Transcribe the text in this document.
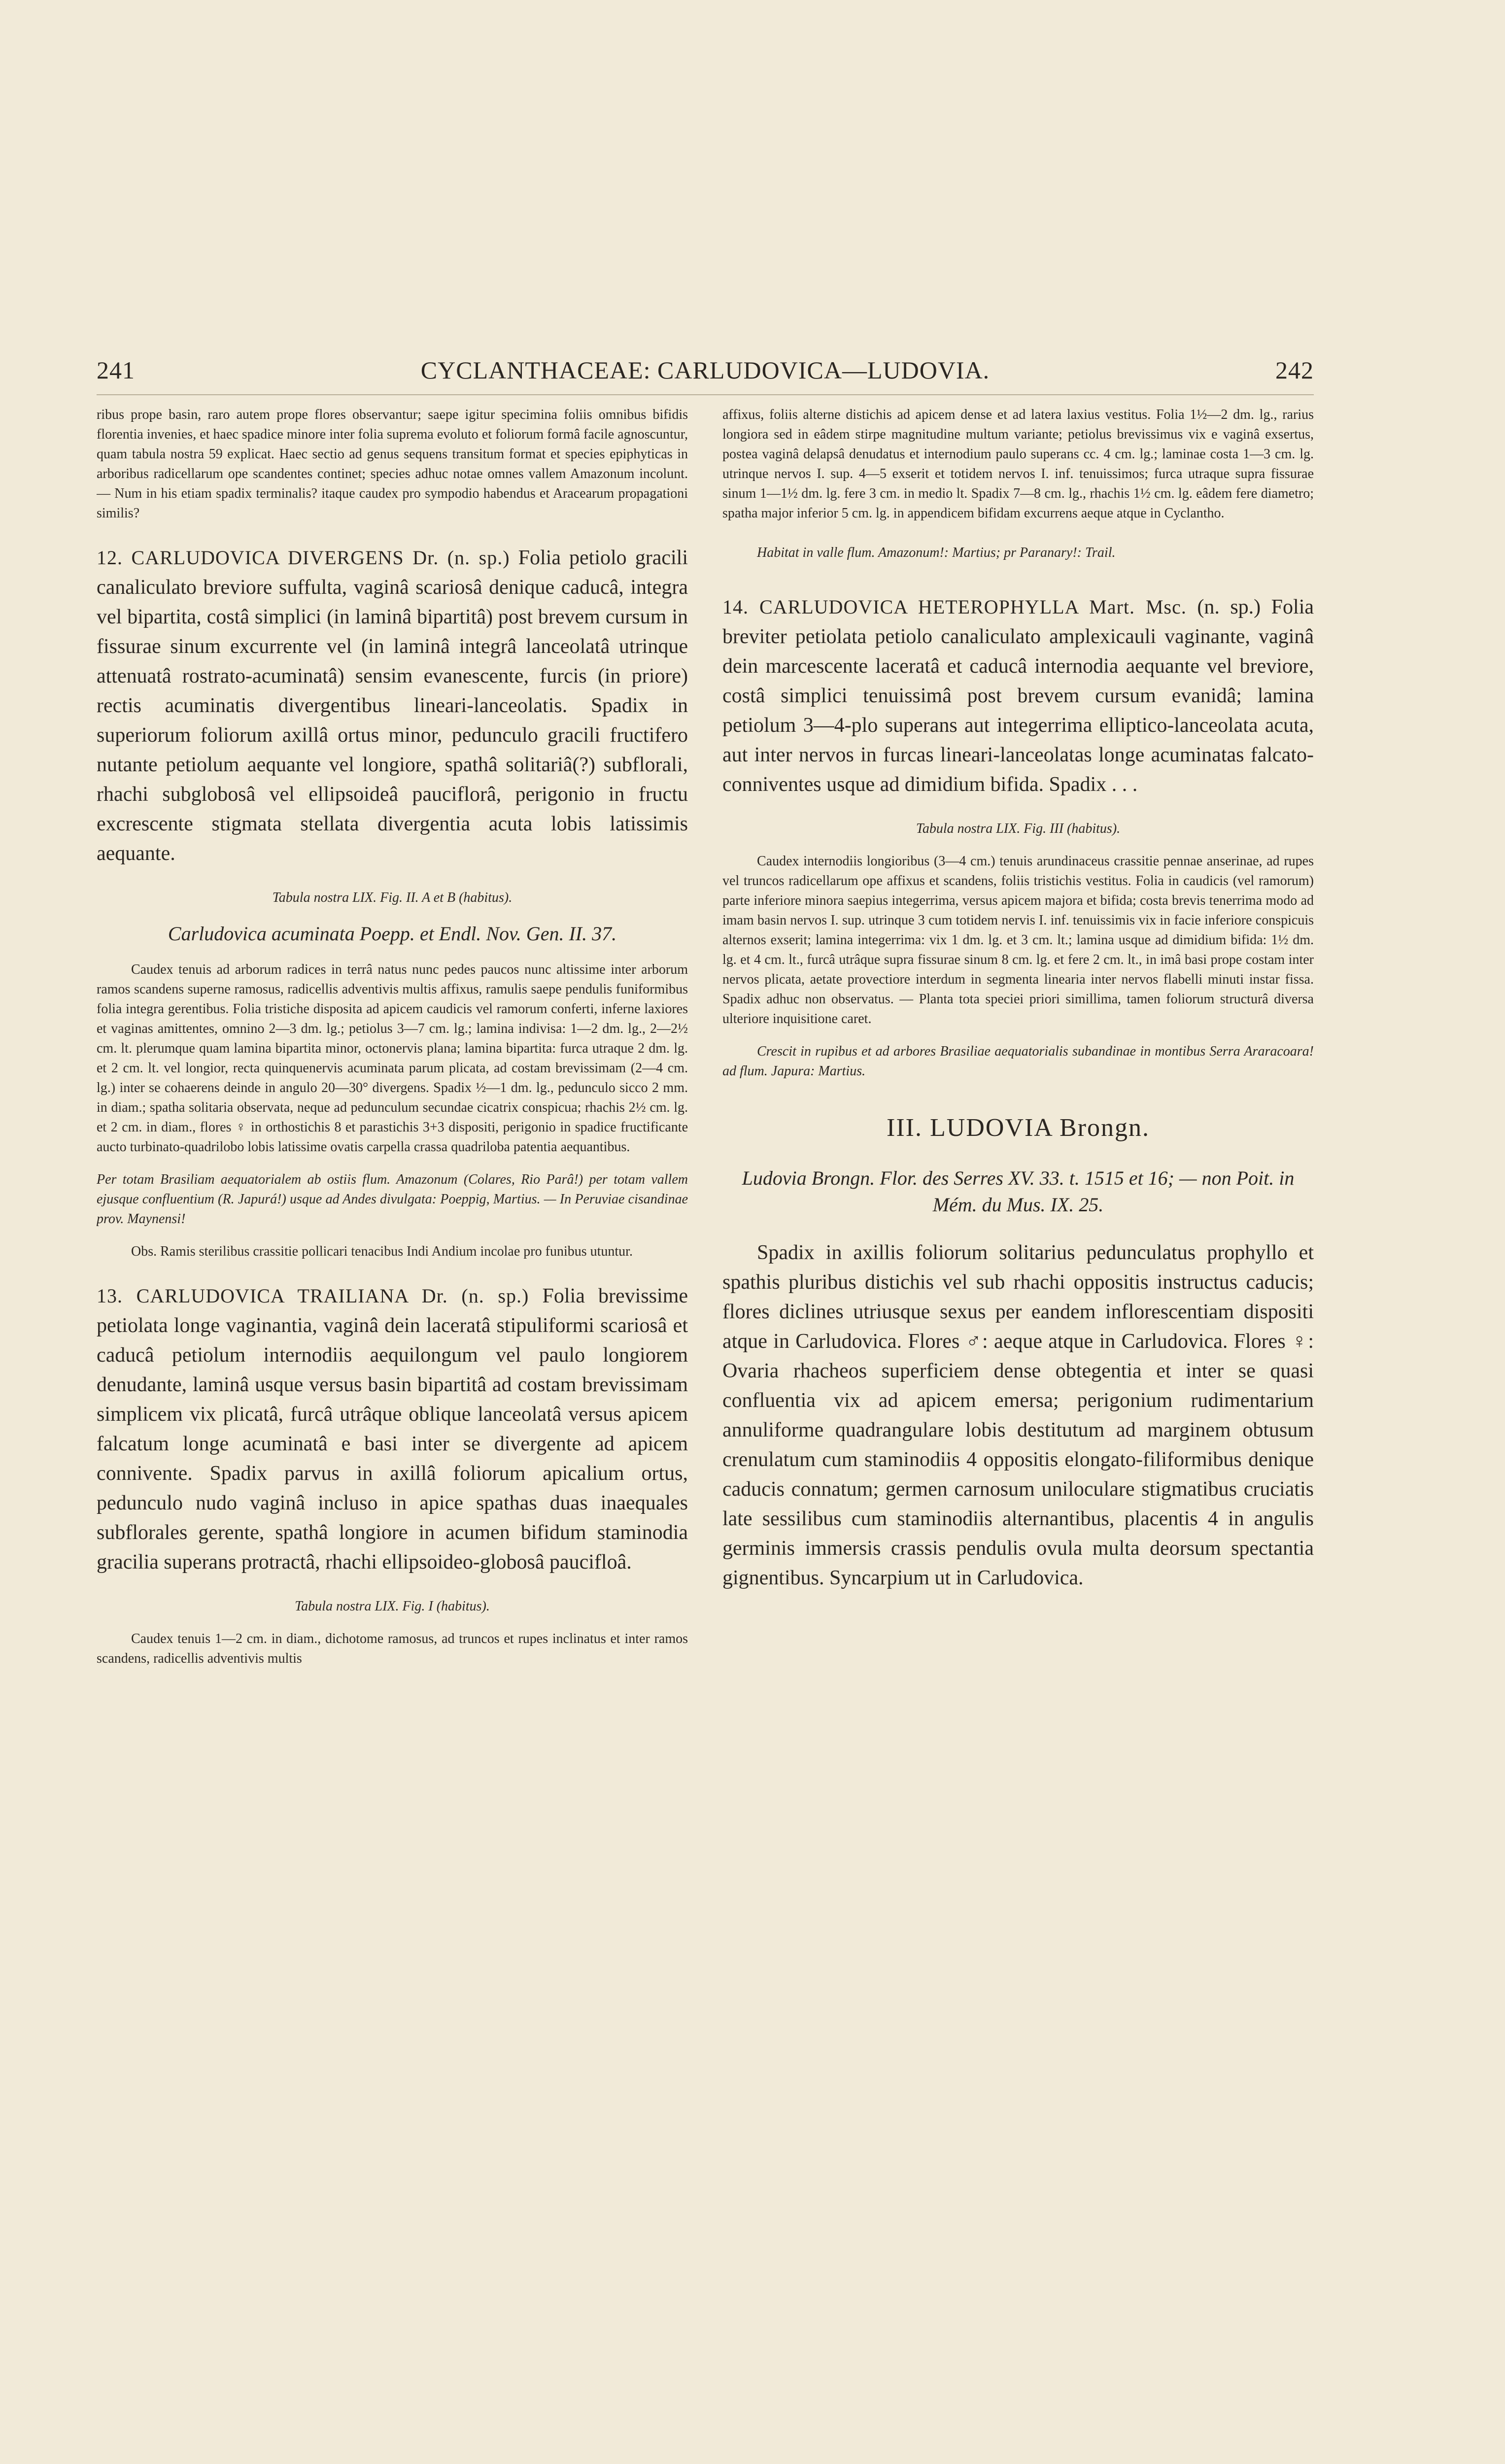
241	CYCLANTHACEAE: CARLUDOVICA—LUDOVIA.	242

ribus prope basin, raro autem prope flores observantur; saepe igitur specimina foliis omnibus bifidis florentia invenies, et haec spadice minore inter folia suprema evoluto et foliorum formâ facile agnoscuntur, quam tabula nostra 59 explicat. Haec sectio ad genus sequens transitum format et species epiphyticas in arboribus radicellarum ope scandentes continet; species adhuc notae omnes vallem Amazonum incolunt. — Num in his etiam spadix terminalis? itaque caudex pro sympodio habendus et Aracearum propagationi similis?

12. CARLUDOVICA DIVERGENS Dr. (n. sp.) Folia petiolo gracili canaliculato breviore suffulta, vaginâ scariosâ denique caducâ, integra vel bipartita, costâ simplici (in laminâ bipartitâ) post brevem cursum in fissurae sinum excurrente vel (in laminâ integrâ lanceolatâ utrinque attenuatâ rostrato-acuminatâ) sensim evanescente, furcis (in priore) rectis acuminatis divergentibus lineari-lanceolatis. Spadix in superiorum foliorum axillâ ortus minor, pedunculo gracili fructifero nutante petiolum aequante vel longiore, spathâ solitariâ(?) subflorali, rhachi subglobosâ vel ellipsoideâ pauciflorâ, perigonio in fructu excrescente stigmata stellata divergentia acuta lobis latissimis aequante.

Tabula nostra LIX. Fig. II. A et B (habitus).

Carludovica acuminata Poepp. et Endl. Nov. Gen. II. 37.

Caudex tenuis ad arborum radices in terrâ natus nunc pedes paucos nunc altissime inter arborum ramos scandens superne ramosus, radicellis adventivis multis affixus, ramulis saepe pendulis funiformibus folia integra gerentibus. Folia tristiche disposita ad apicem caudicis vel ramorum conferti, inferne laxiores et vaginas amittentes, omnino 2—3 dm. lg.; petiolus 3—7 cm. lg.; lamina indivisa: 1—2 dm. lg., 2—2½ cm. lt. plerumque quam lamina bipartita minor, octonervis plana; lamina bipartita: furca utraque 2 dm. lg. et 2 cm. lt. vel longior, recta quinquenervis acuminata parum plicata, ad costam brevissimam (2—4 cm. lg.) inter se cohaerens deinde in angulo 20—30° divergens. Spadix ½—1 dm. lg., pedunculo sicco 2 mm. in diam.; spatha solitaria observata, neque ad pedunculum secundae cicatrix conspicua; rhachis 2½ cm. lg. et 2 cm. in diam., flores ♀ in orthostichis 8 et parastichis 3+3 dispositi, perigonio in spadice fructificante aucto turbinato-quadrilobo lobis latissime ovatis carpella crassa quadriloba patentia aequantibus.

Per totam Brasiliam aequatorialem ab ostiis flum. Amazonum (Colares, Rio Parâ!) per totam vallem ejusque confluentium (R. Japurá!) usque ad Andes divulgata: Poeppig, Martius. — In Peruviae cisandinae prov. Maynensi!

Obs. Ramis sterilibus crassitie pollicari tenacibus Indi Andium incolae pro funibus utuntur.

13. CARLUDOVICA TRAILIANA Dr. (n. sp.) Folia brevissime petiolata longe vaginantia, vaginâ dein laceratâ stipuliformi scariosâ et caducâ petiolum internodiis aequilongum vel paulo longiorem denudante, laminâ usque versus basin bipartitâ ad costam brevissimam simplicem vix plicatâ, furcâ utrâque oblique lanceolatâ versus apicem falcatum longe acuminatâ e basi inter se divergente ad apicem connivente. Spadix parvus in axillâ foliorum apicalium ortus, pedunculo nudo vaginâ incluso in apice spathas duas inaequales subflorales gerente, spathâ longiore in acumen bifidum staminodia gracilia superans protractâ, rhachi ellipsoideo-globosâ paucifloâ.

Tabula nostra LIX. Fig. I (habitus).

Caudex tenuis 1—2 cm. in diam., dichotome ramosus, ad truncos et rupes inclinatus et inter ramos scandens, radicellis adventivis multis

affixus, foliis alterne distichis ad apicem dense et ad latera laxius vestitus. Folia 1½—2 dm. lg., rarius longiora sed in eâdem stirpe magnitudine multum variante; petiolus brevissimus vix e vaginâ exsertus, postea vaginâ delapsâ denudatus et internodium paulo superans cc. 4 cm. lg.; laminae costa 1—3 cm. lg. utrinque nervos I. sup. 4—5 exserit et totidem nervos I. inf. tenuissimos; furca utraque supra fissurae sinum 1—1½ dm. lg. fere 3 cm. in medio lt. Spadix 7—8 cm. lg., rhachis 1½ cm. lg. eâdem fere diametro; spatha major inferior 5 cm. lg. in appendicem bifidam excurrens aeque atque in Cyclantho.

Habitat in valle flum. Amazonum!: Martius; pr Paranary!: Trail.

14. CARLUDOVICA HETEROPHYLLA Mart. Msc. (n. sp.) Folia breviter petiolata petiolo canaliculato amplexicauli vaginante, vaginâ dein marcescente laceratâ et caducâ internodia aequante vel breviore, costâ simplici tenuissimâ post brevem cursum evanidâ; lamina petiolum 3—4-plo superans aut integerrima elliptico-lanceolata acuta, aut inter nervos in furcas lineari-lanceolatas longe acuminatas falcato-conniventes usque ad dimidium bifida. Spadix . . .

Tabula nostra LIX. Fig. III (habitus).

Caudex internodiis longioribus (3—4 cm.) tenuis arundinaceus crassitie pennae anserinae, ad rupes vel truncos radicellarum ope affixus et scandens, foliis tristichis vestitus. Folia in caudicis (vel ramorum) parte inferiore minora saepius integerrima, versus apicem majora et bifida; costa brevis tenerrima modo ad imam basin nervos I. sup. utrinque 3 cum totidem nervis I. inf. tenuissimis vix in facie inferiore conspicuis alternos exserit; lamina integerrima: vix 1 dm. lg. et 3 cm. lt.; lamina usque ad dimidium bifida: 1½ dm. lg. et 4 cm. lt., furcâ utrâque supra fissurae sinum 8 cm. lg. et fere 2 cm. lt., in imâ basi prope costam inter nervos plicata, aetate provectiore interdum in segmenta linearia inter nervos flabelli minuti instar fissa. Spadix adhuc non observatus. — Planta tota speciei priori simillima, tamen foliorum structurâ diversa ulteriore inquisitione caret.

Crescit in rupibus et ad arbores Brasiliae aequatorialis subandinae in montibus Serra Araracoara! ad flum. Japura: Martius.

III. LUDOVIA Brongn.

Ludovia Brongn. Flor. des Serres XV. 33. t. 1515 et 16; — non Poit. in Mém. du Mus. IX. 25.

Spadix in axillis foliorum solitarius pedunculatus prophyllo et spathis pluribus distichis vel sub rhachi oppositis instructus caducis; flores diclines utriusque sexus per eandem inflorescentiam dispositi atque in Carludovica. Flores ♂: aeque atque in Carludovica. Flores ♀: Ovaria rhacheos superficiem dense obtegentia et inter se quasi confluentia vix ad apicem emersa; perigonium rudimentarium annuliforme quadrangulare lobis destitutum ad marginem obtusum crenulatum cum staminodiis 4 oppositis elongato-filiformibus denique caducis connatum; germen carnosum uniloculare stigmatibus cruciatis late sessilibus cum staminodiis alternantibus, placentis 4 in angulis germinis immersis crassis pendulis ovula multa deorsum spectantia gignentibus. Syncarpium ut in Carludovica.
